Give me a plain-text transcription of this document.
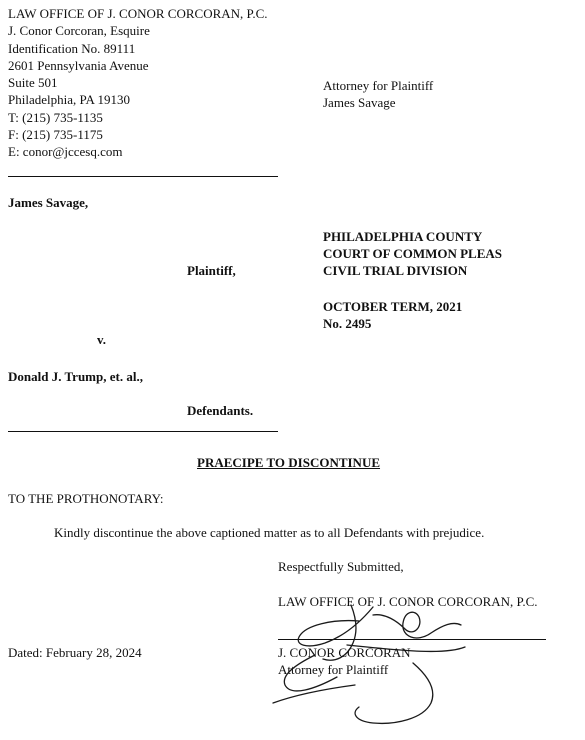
LAW OFFICE OF J. CONOR CORCORAN, P.C.
J. Conor Corcoran, Esquire
Identification No. 89111
2601 Pennsylvania Avenue
Suite 501
Philadelphia, PA 19130
T: (215) 735-1135
F: (215) 735-1175
E: conor@jccesq.com
Attorney for Plaintiff
James Savage
James Savage,
Plaintiff,
v.
Donald J. Trump, et. al.,
Defendants.
PHILADELPHIA COUNTY
COURT OF COMMON PLEAS
CIVIL TRIAL DIVISION
OCTOBER TERM, 2021
No. 2495
PRAECIPE TO DISCONTINUE
TO THE PROTHONOTARY:
Kindly discontinue the above captioned matter as to all Defendants with prejudice.
Respectfully Submitted,
LAW OFFICE OF J. CONOR CORCORAN, P.C.
Dated: February 28, 2024	J. CONOR CORCORAN
Attorney for Plaintiff
